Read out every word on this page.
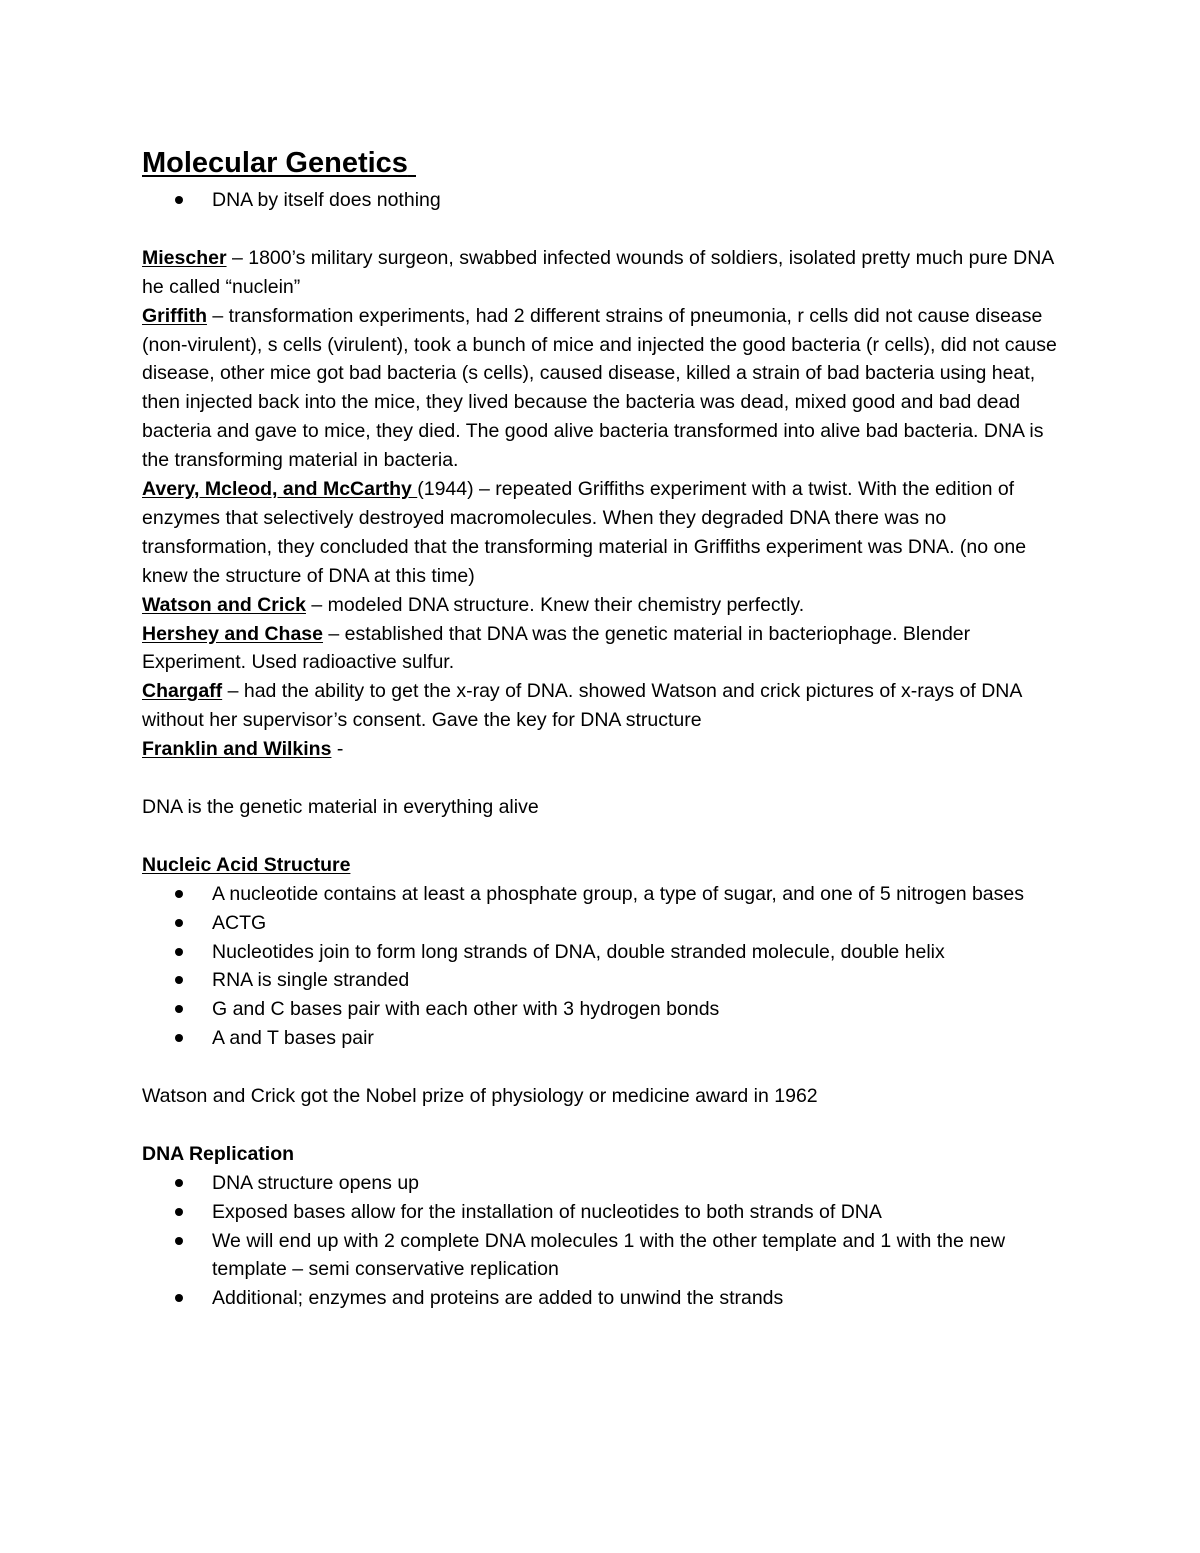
Molecular Genetics
DNA by itself does nothing

Miescher – 1800’s military surgeon, swabbed infected wounds of soldiers, isolated pretty much pure DNA he called “nuclein”

Griffith – transformation experiments, had 2 different strains of pneumonia, r cells did not cause disease (non-virulent), s cells (virulent), took a bunch of mice and injected the good bacteria (r cells), did not cause disease, other mice got bad bacteria (s cells), caused disease, killed a strain of bad bacteria using heat, then injected back into the mice, they lived because the bacteria was dead, mixed good and bad dead bacteria and gave to mice, they died. The good alive bacteria transformed into alive bad bacteria. DNA is the transforming material in bacteria.

Avery, Mcleod, and McCarthy (1944) – repeated Griffiths experiment with a twist. With the edition of enzymes that selectively destroyed macromolecules. When they degraded DNA there was no transformation, they concluded that the transforming material in Griffiths experiment was DNA. (no one knew the structure of DNA at this time)

Watson and Crick – modeled DNA structure. Knew their chemistry perfectly.

Hershey and Chase – established that DNA was the genetic material in bacteriophage. Blender Experiment. Used radioactive sulfur.

Chargaff – had the ability to get the x-ray of DNA. showed Watson and crick pictures of x-rays of DNA without her supervisor’s consent. Gave the key for DNA structure

Franklin and Wilkins -

DNA is the genetic material in everything alive

Nucleic Acid Structure

A nucleotide contains at least a phosphate group, a type of sugar, and one of 5 nitrogen bases
ACTG
Nucleotides join to form long strands of DNA, double stranded molecule, double helix
RNA is single stranded
G and C bases pair with each other with 3 hydrogen bonds
A and T bases pair

Watson and Crick got the Nobel prize of physiology or medicine award in 1962

DNA Replication

DNA structure opens up
Exposed bases allow for the installation of nucleotides to both strands of DNA
We will end up with 2 complete DNA molecules 1 with the other template and 1 with the new template – semi conservative replication
Additional; enzymes and proteins are added to unwind the strands
